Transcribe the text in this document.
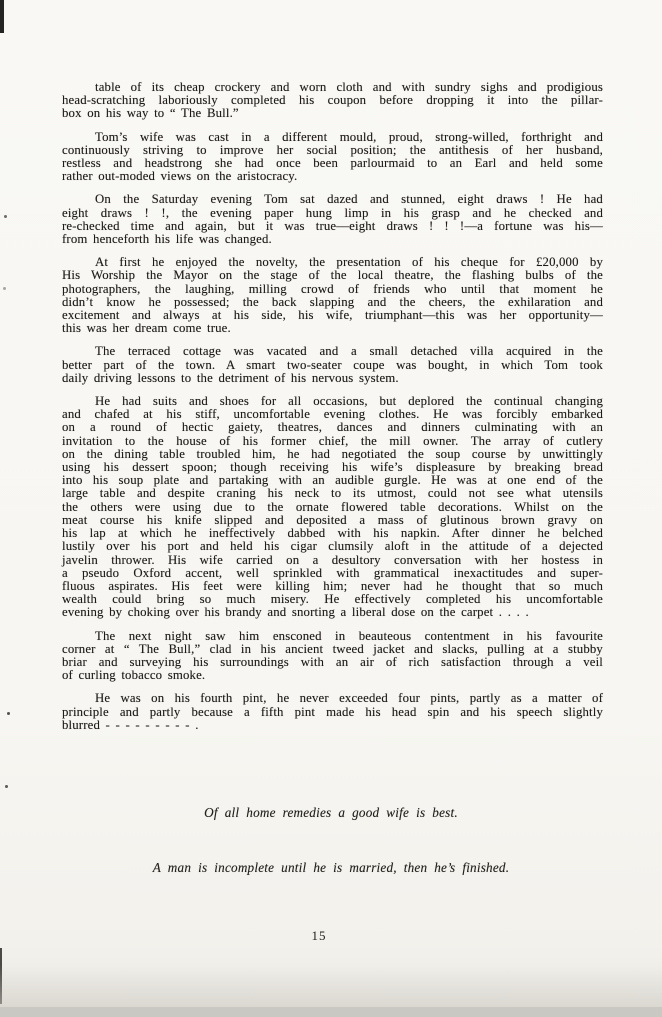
table of its cheap crockery and worn cloth and with sundry sighs and prodigious
head-scratching laboriously completed his coupon before dropping it into the pillar-
box on his way to “ The Bull.”
Tom’s wife was cast in a different mould, proud, strong-willed, forthright and
continuously striving to improve her social position; the antithesis of her husband,
restless and headstrong she had once been parlourmaid to an Earl and held some
rather out-moded views on the aristocracy.
On the Saturday evening Tom sat dazed and stunned, eight draws ! He had
eight draws ! !, the evening paper hung limp in his grasp and he checked and
re-checked time and again, but it was true—eight draws ! ! !—a fortune was his—
from henceforth his life was changed.
At first he enjoyed the novelty, the presentation of his cheque for £20,000 by
His Worship the Mayor on the stage of the local theatre, the flashing bulbs of the
photographers, the laughing, milling crowd of friends who until that moment he
didn’t know he possessed; the back slapping and the cheers, the exhilaration and
excitement and always at his side, his wife, triumphant—this was her opportunity—
this was her dream come true.
The terraced cottage was vacated and a small detached villa acquired in the
better part of the town. A smart two-seater coupe was bought, in which Tom took
daily driving lessons to the detriment of his nervous system.
He had suits and shoes for all occasions, but deplored the continual changing
and chafed at his stiff, uncomfortable evening clothes. He was forcibly embarked
on a round of hectic gaiety, theatres, dances and dinners culminating with an
invitation to the house of his former chief, the mill owner. The array of cutlery
on the dining table troubled him, he had negotiated the soup course by unwittingly
using his dessert spoon; though receiving his wife’s displeasure by breaking bread
into his soup plate and partaking with an audible gurgle. He was at one end of the
large table and despite craning his neck to its utmost, could not see what utensils
the others were using due to the ornate flowered table decorations. Whilst on the
meat course his knife slipped and deposited a mass of glutinous brown gravy on
his lap at which he ineffectively dabbed with his napkin. After dinner he belched
lustily over his port and held his cigar clumsily aloft in the attitude of a dejected
javelin thrower. His wife carried on a desultory conversation with her hostess in
a pseudo Oxford accent, well sprinkled with grammatical inexactitudes and super-
fluous aspirates. His feet were killing him; never had he thought that so much
wealth could bring so much misery. He effectively completed his uncomfortable
evening by choking over his brandy and snorting a liberal dose on the carpet . . . .
The next night saw him ensconed in beauteous contentment in his favourite
corner at “ The Bull,” clad in his ancient tweed jacket and slacks, pulling at a stubby
briar and surveying his surroundings with an air of rich satisfaction through a veil
of curling tobacco smoke.
He was on his fourth pint, he never exceeded four pints, partly as a matter of
principle and partly because a fifth pint made his head spin and his speech slightly
blurred - - - - - - - - - .
Of all home remedies a good wife is best.
A man is incomplete until he is married, then he’s finished.
15
